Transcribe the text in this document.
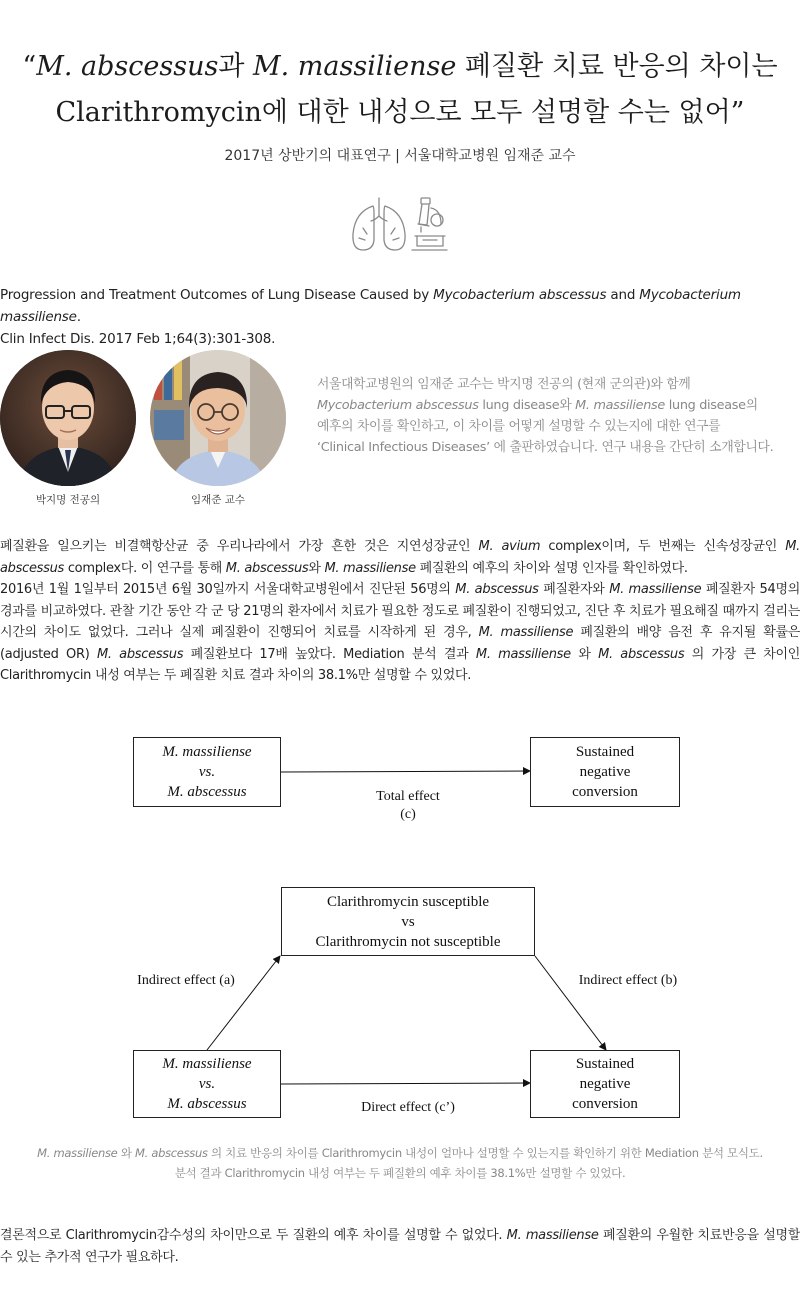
“M. abscessus과 M. massiliense 폐질환 치료 반응의 차이는
Clarithromycin에 대한 내성으로 모두 설명할 수는 없어”
2017년 상반기의 대표연구 | 서울대학교병원 임재준 교수
Progression and Treatment Outcomes of Lung Disease Caused by Mycobacterium abscessus and Mycobacterium massiliense.
Clin Infect Dis. 2017 Feb 1;64(3):301-308.
박지명 전공의	임재준 교수
서울대학교병원의 임재준 교수는 박지명 전공의 (현재 군의관)와 함께
Mycobacterium abscessus lung disease와 M. massiliense lung disease의
예후의 차이를 확인하고, 이 차이를 어떻게 설명할 수 있는지에 대한 연구를
‘Clinical Infectious Diseases’ 에 출판하였습니다. 연구 내용을 간단히 소개합니다.

폐질환을 일으키는 비결핵항산균 중 우리나라에서 가장 흔한 것은 지연성장균인 M. avium complex이며, 두 번째는 신속성장균인 M. abscessus complex다. 이 연구를 통해 M. abscessus와 M. massiliense 폐질환의 예후의 차이와 설명 인자를 확인하였다.

2016년 1월 1일부터 2015년 6월 30일까지 서울대학교병원에서 진단된 56명의 M. abscessus 폐질환자와 M. massiliense 폐질환자 54명의 경과를 비교하였다. 관찰 기간 동안 각 군 당 21명의 환자에서 치료가 필요한 정도로 폐질환이 진행되었고, 진단 후 치료가 필요해질 때까지 걸리는 시간의 차이도 없었다. 그러나 실제 폐질환이 진행되어 치료를 시작하게 된 경우, M. massiliense 폐질환의 배양 음전 후 유지될 확률은 (adjusted OR) M. abscessus 폐질환보다 17배 높았다. Mediation 분석 결과 M. massiliense 와 M. abscessus 의 가장 큰 차이인 Clarithromycin 내성 여부는 두 폐질환 치료 결과 차이의 38.1%만 설명할 수 있었다.

M. massiliense
vs.
M. abscessus
Sustained
negative
conversion
Total effect
(c)
Clarithromycin susceptible
vs
Clarithromycin not susceptible
Indirect effect (a)	Indirect effect (b)
M. massiliense
vs.
M. abscessus
Sustained
negative
conversion
Direct effect (c’)
M. massiliense 와 M. abscessus 의 치료 반응의 차이를 Clarithromycin 내성이 얼마나 설명할 수 있는지를 확인하기 위한 Mediation 분석 모식도.
분석 결과 Clarithromycin 내성 여부는 두 폐질환의 예후 차이를 38.1%만 설명할 수 있었다.

결론적으로 Clarithromycin감수성의 차이만으로 두 질환의 예후 차이를 설명할 수 없었다. M. massiliense 폐질환의 우월한 치료반응을 설명할 수 있는 추가적 연구가 필요하다.
